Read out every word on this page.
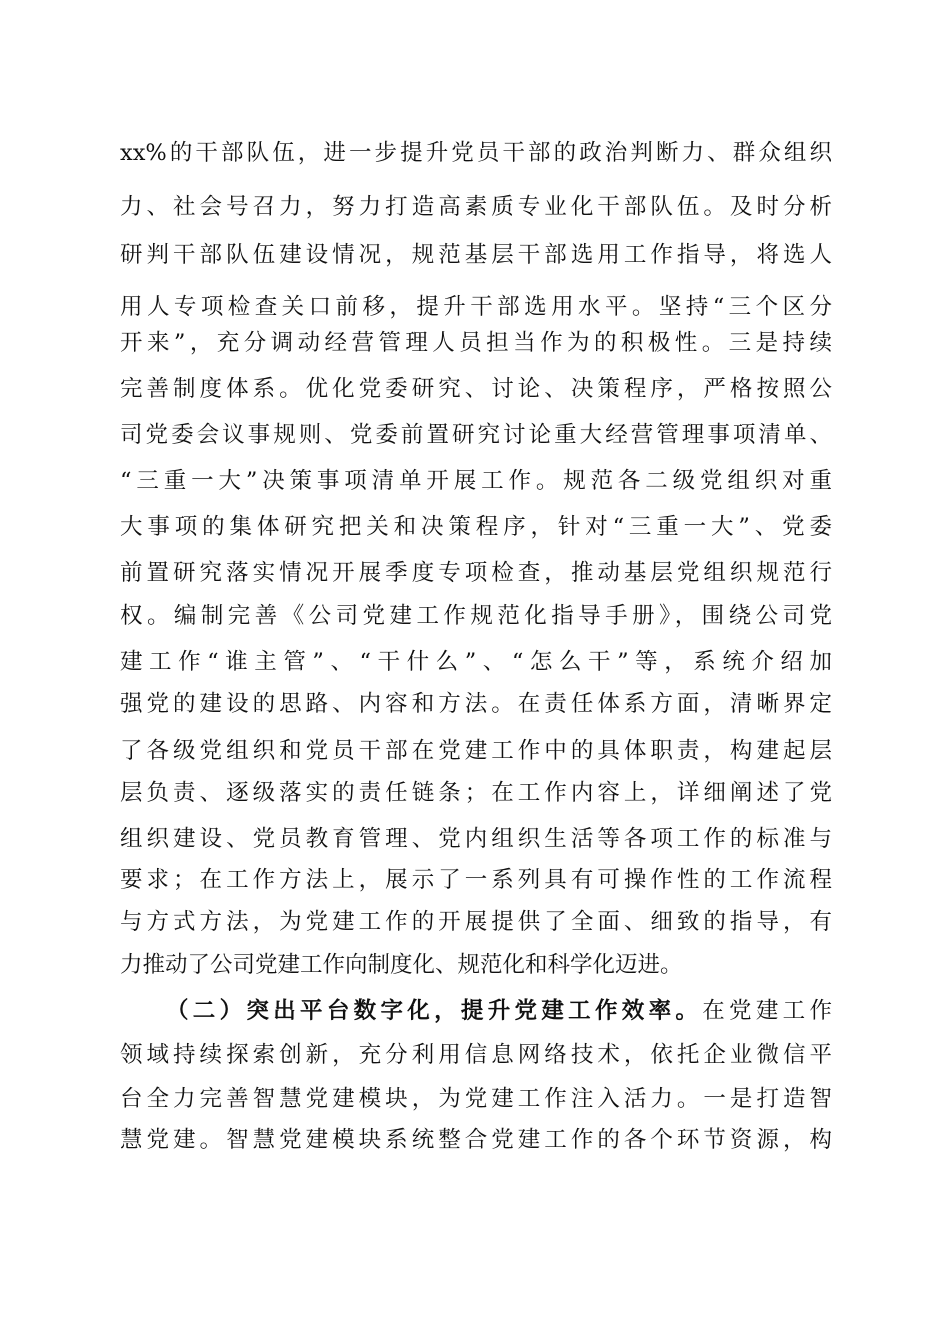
xx%的干部队伍，进一步提升党员干部的政治判断力、群众组织
力、社会号召力，努力打造高素质专业化干部队伍。及时分析
研判干部队伍建设情况，规范基层干部选用工作指导，将选人
用人专项检查关口前移，提升干部选用水平。坚持“三个区分
开来”，充分调动经营管理人员担当作为的积极性。三是持续
完善制度体系。优化党委研究、讨论、决策程序，严格按照公
司党委会议事规则、党委前置研究讨论重大经营管理事项清单、
“三重一大”决策事项清单开展工作。规范各二级党组织对重
大事项的集体研究把关和决策程序，针对“三重一大”、党委
前置研究落实情况开展季度专项检查，推动基层党组织规范行
权。编制完善《公司党建工作规范化指导手册》，围绕公司党
建工作“谁主管”、“干什么”、“怎么干”等，系统介绍加
强党的建设的思路、内容和方法。在责任体系方面，清晰界定
了各级党组织和党员干部在党建工作中的具体职责，构建起层
层负责、逐级落实的责任链条；在工作内容上，详细阐述了党
组织建设、党员教育管理、党内组织生活等各项工作的标准与
要求；在工作方法上，展示了一系列具有可操作性的工作流程
与方式方法，为党建工作的开展提供了全面、细致的指导，有
力推动了公司党建工作向制度化、规范化和科学化迈进。
（二）突出平台数字化，提升党建工作效率。在党建工作
领域持续探索创新，充分利用信息网络技术，依托企业微信平
台全力完善智慧党建模块，为党建工作注入活力。一是打造智
慧党建。智慧党建模块系统整合党建工作的各个环节资源，构
